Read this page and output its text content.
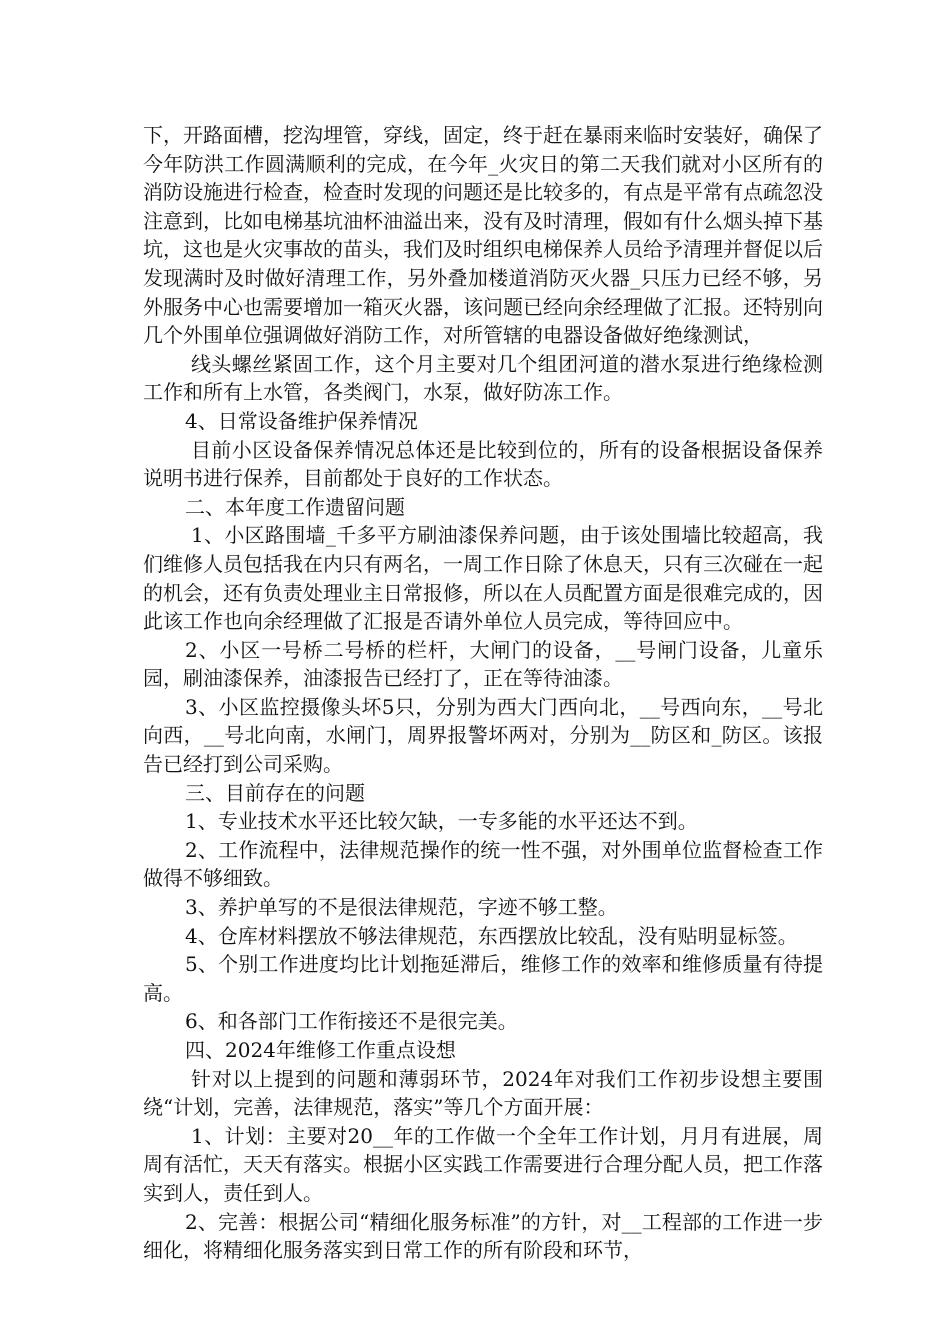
下，开路面槽，挖沟埋管，穿线，固定，终于赶在暴雨来临时安装好，确保了今年防洪工作圆满顺利的完成，在今年_火灾日的第二天我们就对小区所有的消防设施进行检查，检查时发现的问题还是比较多的，有点是平常有点疏忽没注意到，比如电梯基坑油杯油溢出来，没有及时清理，假如有什么烟头掉下基坑，这也是火灾事故的苗头，我们及时组织电梯保养人员给予清理并督促以后发现满时及时做好清理工作，另外叠加楼道消防灭火器_只压力已经不够，另外服务中心也需要增加一箱灭火器，该问题已经向余经理做了汇报。还特别向几个外围单位强调做好消防工作，对所管辖的电器设备做好绝缘测试，

线头螺丝紧固工作，这个月主要对几个组团河道的潜水泵进行绝缘检测工作和所有上水管，各类阀门，水泵，做好防冻工作。

4、日常设备维护保养情况

目前小区设备保养情况总体还是比较到位的，所有的设备根据设备保养说明书进行保养，目前都处于良好的工作状态。

二、本年度工作遗留问题

1、小区路围墙_千多平方刷油漆保养问题，由于该处围墙比较超高，我们维修人员包括我在内只有两名，一周工作日除了休息天，只有三次碰在一起的机会，还有负责处理业主日常报修，所以在人员配置方面是很难完成的，因此该工作也向余经理做了汇报是否请外单位人员完成，等待回应中。

2、小区一号桥二号桥的栏杆，大闸门的设备，__号闸门设备，儿童乐园，刷油漆保养，油漆报告已经打了，正在等待油漆。

3、小区监控摄像头坏5只，分别为西大门西向北，__号西向东，__号北向西，__号北向南，水闸门，周界报警坏两对，分别为__防区和_防区。该报告已经打到公司采购。

三、目前存在的问题

1、专业技术水平还比较欠缺，一专多能的水平还达不到。

2、工作流程中，法律规范操作的统一性不强，对外围单位监督检查工作做得不够细致。

3、养护单写的不是很法律规范，字迹不够工整。

4、仓库材料摆放不够法律规范，东西摆放比较乱，没有贴明显标签。

5、个别工作进度均比计划拖延滞后，维修工作的效率和维修质量有待提高。

6、和各部门工作衔接还不是很完美。

四、2024年维修工作重点设想

针对以上提到的问题和薄弱环节，2024年对我们工作初步设想主要围绕“计划，完善，法律规范，落实”等几个方面开展：

1、计划：主要对20__年的工作做一个全年工作计划，月月有进展，周周有活忙，天天有落实。根据小区实践工作需要进行合理分配人员，把工作落实到人，责任到人。

2、完善：根据公司“精细化服务标准”的方针，对__工程部的工作进一步细化，将精细化服务落实到日常工作的所有阶段和环节，
